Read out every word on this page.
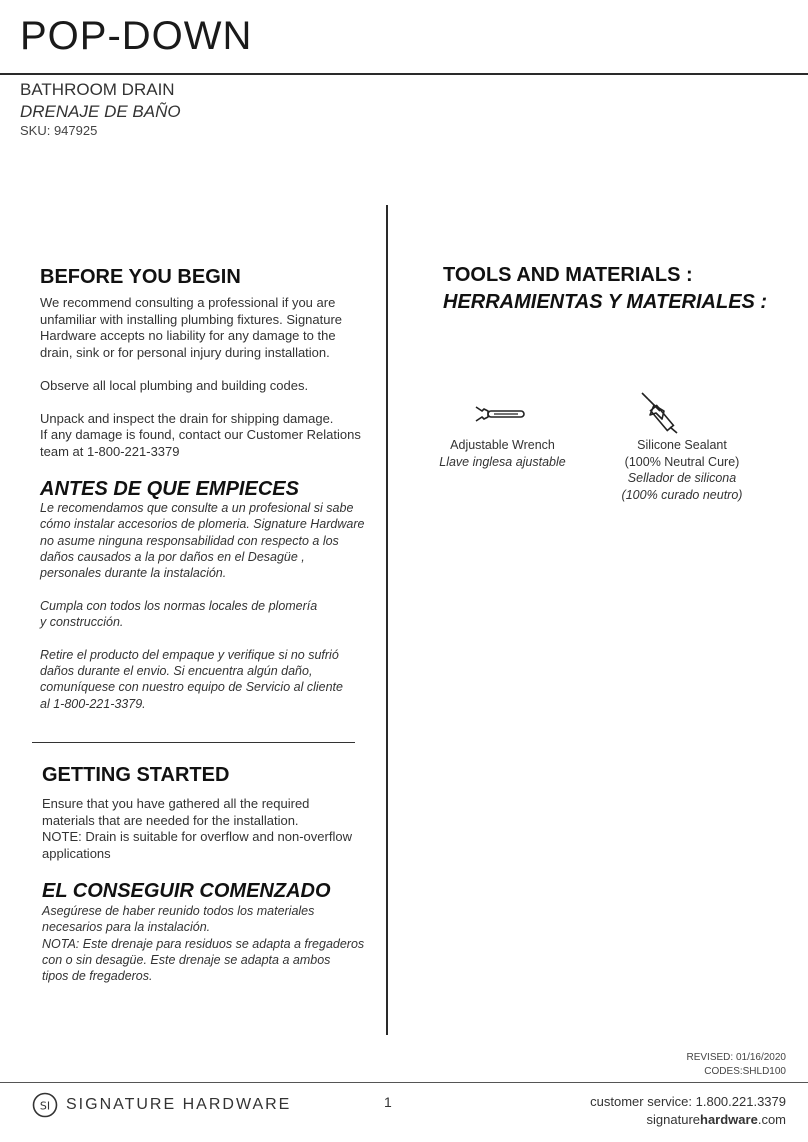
POP-DOWN
BATHROOM DRAIN
DRENAJE DE BAÑO
SKU: 947925
BEFORE YOU BEGIN
We recommend consulting a professional if you are
unfamiliar with installing plumbing fixtures. Signature
Hardware accepts no liability for any damage to the
drain, sink or for personal injury during installation.

Observe all local plumbing and building codes.

Unpack and inspect the drain for shipping damage.
If any damage is found, contact our Customer Relations
team at 1-800-221-3379
ANTES DE QUE EMPIECES
Le recomendamos que consulte a un profesional si sabe
cómo instalar accesorios de plomeria. Signature Hardware
no asume ninguna responsabilidad con respecto a los
daños causados a la por daños en el Desagüe ,
personales durante la instalación.

Cumpla con todos los normas locales de plomería
y construcción.

Retire el producto del empaque y verifique si no sufrió
daños durante el envio. Si encuentra algún daño,
comuníquese con nuestro equipo de Servicio al cliente
al 1-800-221-3379.
GETTING STARTED
Ensure that you have gathered all the required
materials that are needed for the installation.
NOTE: Drain is suitable for overflow and non-overflow
applications
EL CONSEGUIR COMENZADO
Asegúrese de haber reunido todos los materiales
necesarios para la instalación.
NOTA: Este drenaje para residuos se adapta a fregaderos
con o sin desagüe. Este drenaje se adapta a ambos
tipos de fregaderos.
TOOLS AND MATERIALS :
HERRAMIENTAS Y MATERIALES :
Adjustable Wrench
Llave inglesa ajustable
Silicone Sealant
(100% Neutral Cure)
Sellador de silicona
(100% curado neutro)
REVISED: 01/16/2020
CODES:SHLD100
SI SIGNATURE HARDWARE	1	customer service: 1.800.221.3379
signaturehardware.com
